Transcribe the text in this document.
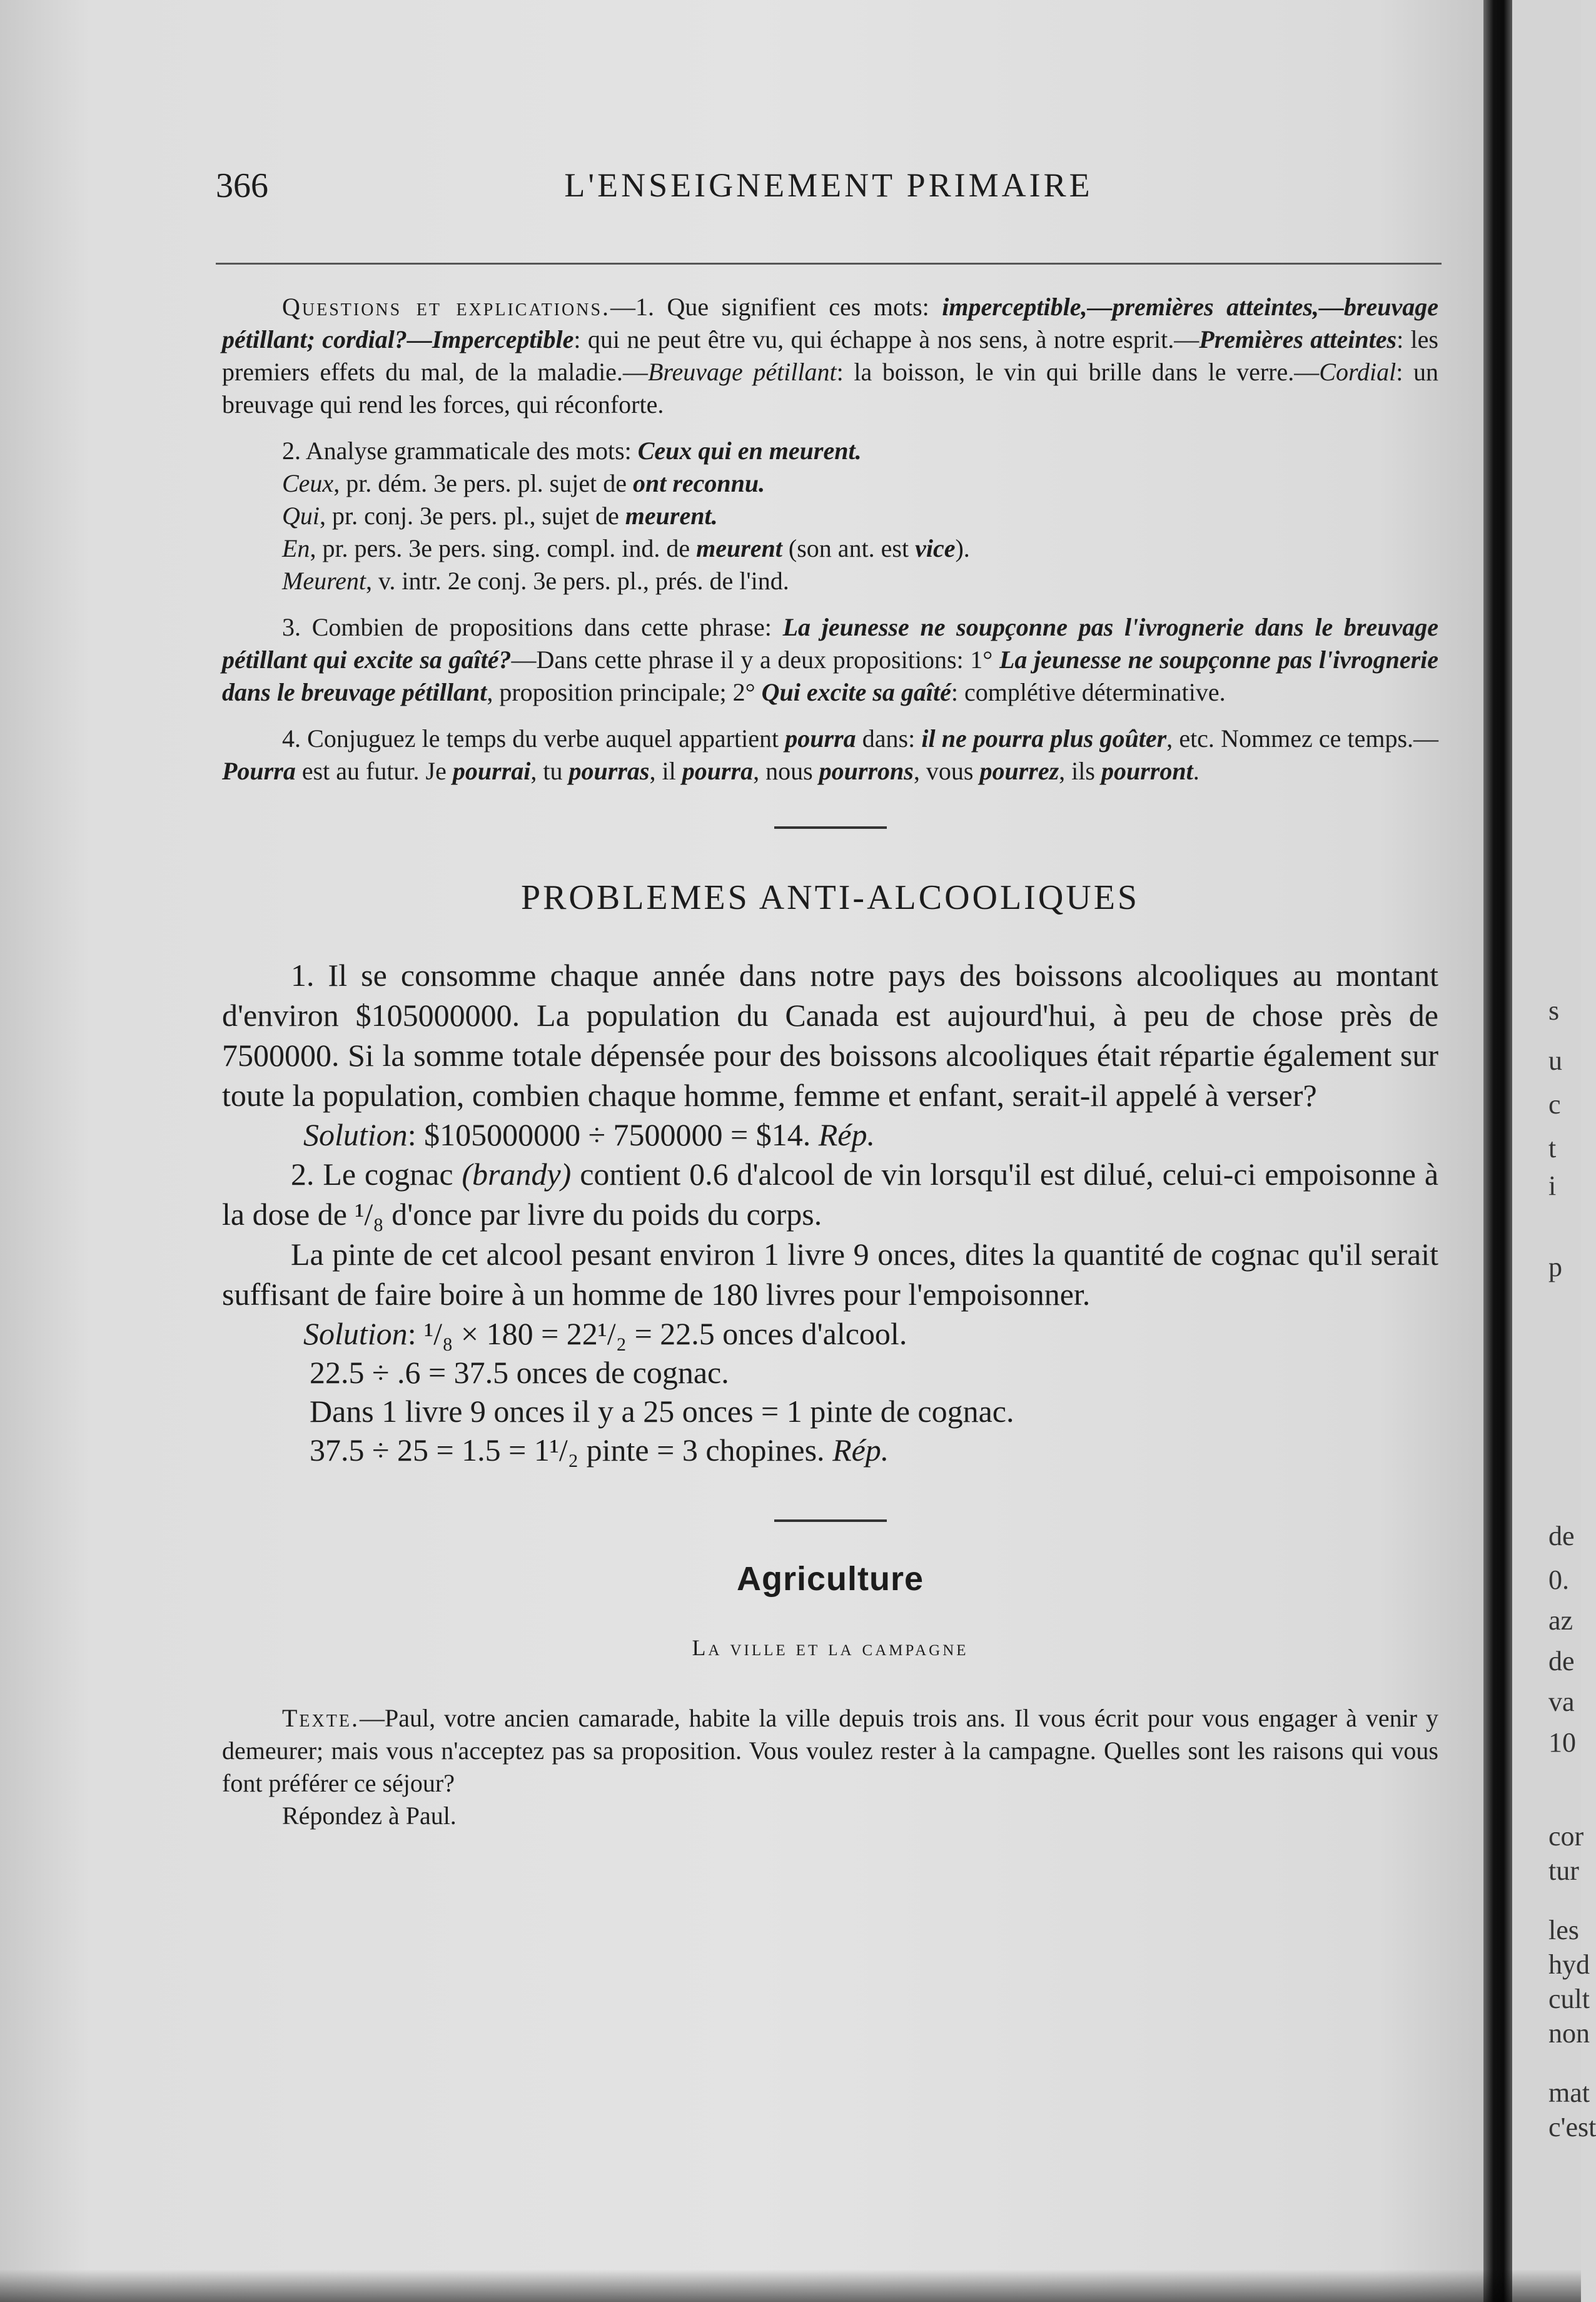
s
u
c
t
i
p
de
0.
az
de
va
10
cor
tur
les
hyd
cult
non
mat
c'est
366	L'ENSEIGNEMENT PRIMAIRE

Questions et explications.—1. Que signifient ces mots: imperceptible,—premières atteintes,—breuvage pétillant; cordial?—Imperceptible: qui ne peut être vu, qui échappe à nos sens, à notre esprit.—Premières atteintes: les premiers effets du mal, de la maladie.—Breuvage pétillant: la boisson, le vin qui brille dans le verre.—Cordial: un breuvage qui rend les forces, qui réconforte.

2. Analyse grammaticale des mots: Ceux qui en meurent.
Ceux, pr. dém. 3e pers. pl. sujet de ont reconnu.
Qui, pr. conj. 3e pers. pl., sujet de meurent.
En, pr. pers. 3e pers. sing. compl. ind. de meurent (son ant. est vice).
Meurent, v. intr. 2e conj. 3e pers. pl., prés. de l'ind.

3. Combien de propositions dans cette phrase: La jeunesse ne soupçonne pas l'ivrognerie dans le breuvage pétillant qui excite sa gaîté?—Dans cette phrase il y a deux propositions: 1° La jeunesse ne soupçonne pas l'ivrognerie dans le breuvage pétillant, proposition principale; 2° Qui excite sa gaîté: complétive déterminative.

4. Conjuguez le temps du verbe auquel appartient pourra dans: il ne pourra plus goûter, etc. Nommez ce temps.—Pourra est au futur. Je pourrai, tu pourras, il pourra, nous pourrons, vous pourrez, ils pourront.

PROBLEMES ANTI-ALCOOLIQUES

1. Il se consomme chaque année dans notre pays des boissons alcooliques au montant d'environ $105000000. La population du Canada est aujourd'hui, à peu de chose près de 7500000. Si la somme totale dépensée pour des boissons alcooliques était répartie également sur toute la population, combien chaque homme, femme et enfant, serait-il appelé à verser?

Solution: $105000000 ÷ 7500000 = $14. Rép.

2. Le cognac (brandy) contient 0.6 d'alcool de vin lorsqu'il est dilué, celui-ci empoisonne à la dose de ¹/₈ d'once par livre du poids du corps.

La pinte de cet alcool pesant environ 1 livre 9 onces, dites la quantité de cognac qu'il serait suffisant de faire boire à un homme de 180 livres pour l'empoisonner.

Solution: ¹/₈ × 180 = 22¹/₂ = 22.5 onces d'alcool.

22.5 ÷ .6 = 37.5 onces de cognac.

Dans 1 livre 9 onces il y a 25 onces = 1 pinte de cognac.

37.5 ÷ 25 = 1.5 = 1¹/₂ pinte = 3 chopines. Rép.

Agriculture
La ville et la campagne

Texte.—Paul, votre ancien camarade, habite la ville depuis trois ans. Il vous écrit pour vous engager à venir y demeurer; mais vous n'acceptez pas sa proposition. Vous voulez rester à la campagne. Quelles sont les raisons qui vous font préférer ce séjour?

Répondez à Paul.
